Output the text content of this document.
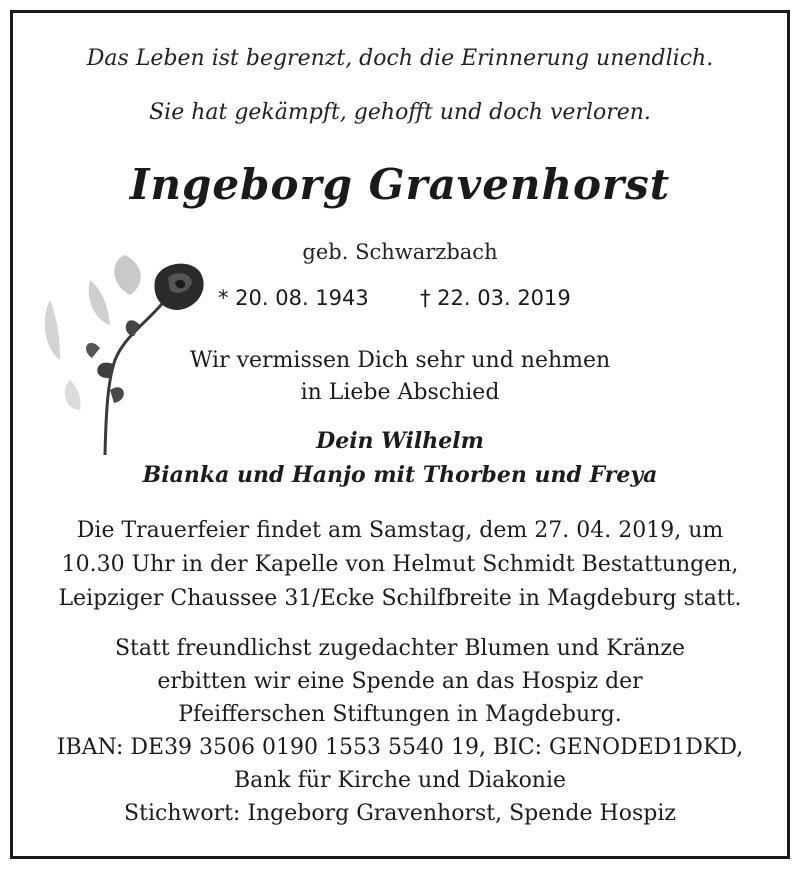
Das Leben ist begrenzt, doch die Erinnerung unendlich.
Sie hat gekämpft, gehofft und doch verloren.
Ingeborg Gravenhorst
geb. Schwarzbach
* 20. 08. 1943 † 22. 03. 2019
Wir vermissen Dich sehr und nehmen
in Liebe Abschied
Dein Wilhelm
Bianka und Hanjo mit Thorben und Freya
Die Trauerfeier findet am Samstag, dem 27. 04. 2019, um
10.30 Uhr in der Kapelle von Helmut Schmidt Bestattungen,
Leipziger Chaussee 31/Ecke Schilfbreite in Magdeburg statt.
Statt freundlichst zugedachter Blumen und Kränze
erbitten wir eine Spende an das Hospiz der
Pfeifferschen Stiftungen in Magdeburg.
IBAN: DE39 3506 0190 1553 5540 19, BIC: GENODED1DKD,
Bank für Kirche und Diakonie
Stichwort: Ingeborg Gravenhorst, Spende Hospiz
